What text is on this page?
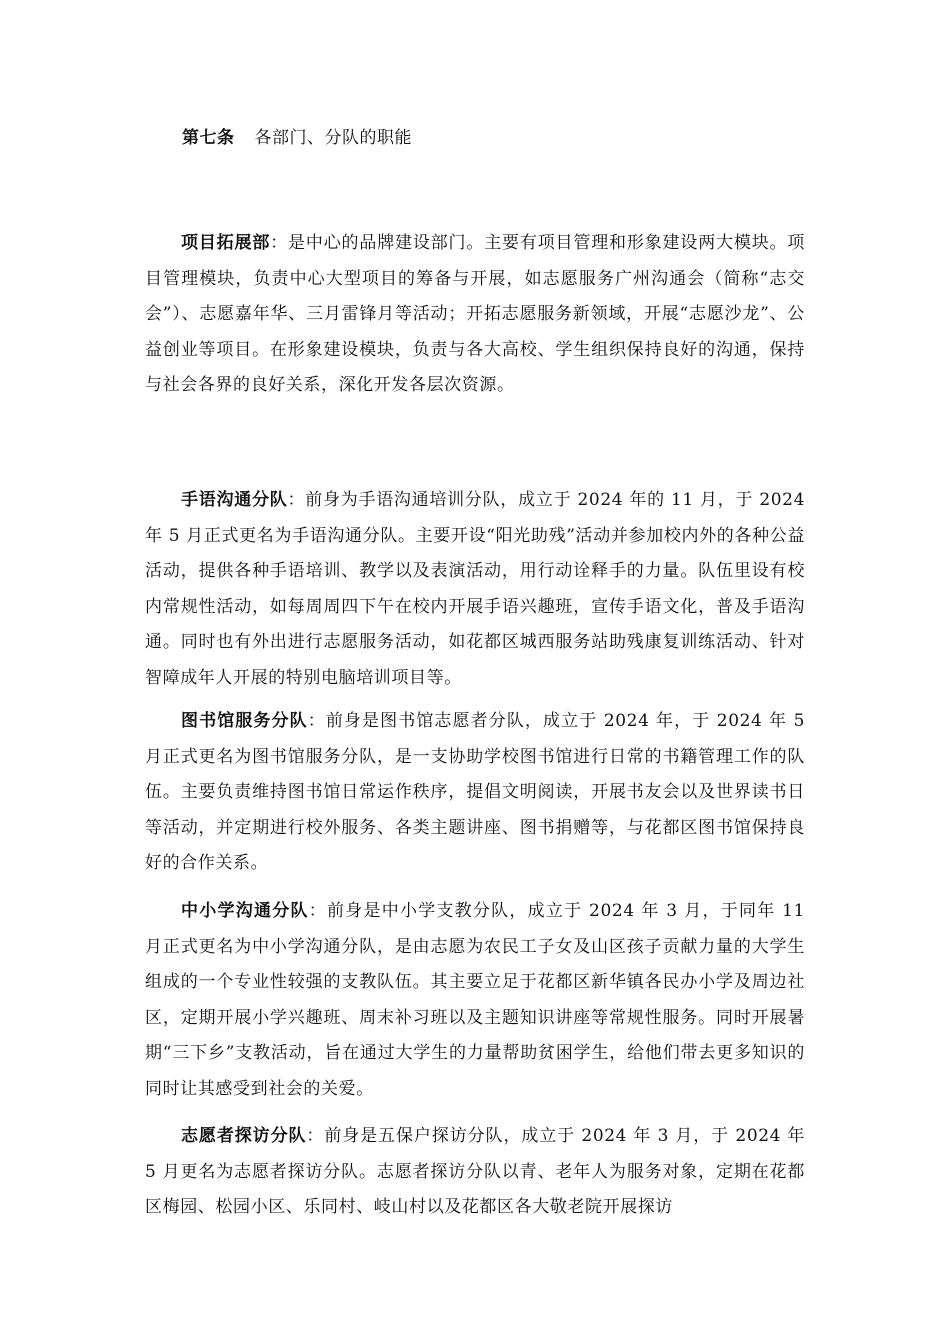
第七条 各部门、分队的职能

项目拓展部：是中心的品牌建设部门。主要有项目管理和形象建设两大模块。项目管理模块，负责中心大型项目的筹备与开展，如志愿服务广州沟通会（简称“志交会”）、志愿嘉年华、三月雷锋月等活动；开拓志愿服务新领域，开展“志愿沙龙”、公益创业等项目。在形象建设模块，负责与各大高校、学生组织保持良好的沟通，保持与社会各界的良好关系，深化开发各层次资源。

手语沟通分队：前身为手语沟通培训分队，成立于 2024 年的 11 月，于 2024 年 5 月正式更名为手语沟通分队。主要开设“阳光助残”活动并参加校内外的各种公益活动，提供各种手语培训、教学以及表演活动，用行动诠释手的力量。队伍里设有校内常规性活动，如每周周四下午在校内开展手语兴趣班，宣传手语文化，普及手语沟通。同时也有外出进行志愿服务活动，如花都区城西服务站助残康复训练活动、针对智障成年人开展的特别电脑培训项目等。

图书馆服务分队：前身是图书馆志愿者分队，成立于 2024 年，于 2024 年 5 月正式更名为图书馆服务分队，是一支协助学校图书馆进行日常的书籍管理工作的队伍。主要负责维持图书馆日常运作秩序，提倡文明阅读，开展书友会以及世界读书日等活动，并定期进行校外服务、各类主题讲座、图书捐赠等，与花都区图书馆保持良好的合作关系。

中小学沟通分队：前身是中小学支教分队，成立于 2024 年 3 月，于同年 11 月正式更名为中小学沟通分队，是由志愿为农民工子女及山区孩子贡献力量的大学生组成的一个专业性较强的支教队伍。其主要立足于花都区新华镇各民办小学及周边社区，定期开展小学兴趣班、周末补习班以及主题知识讲座等常规性服务。同时开展暑期“三下乡”支教活动，旨在通过大学生的力量帮助贫困学生，给他们带去更多知识的同时让其感受到社会的关爱。

志愿者探访分队：前身是五保户探访分队，成立于 2024 年 3 月，于 2024 年 5 月更名为志愿者探访分队。志愿者探访分队以青、老年人为服务对象，定期在花都区梅园、松园小区、乐同村、岐山村以及花都区各大敬老院开展探访
